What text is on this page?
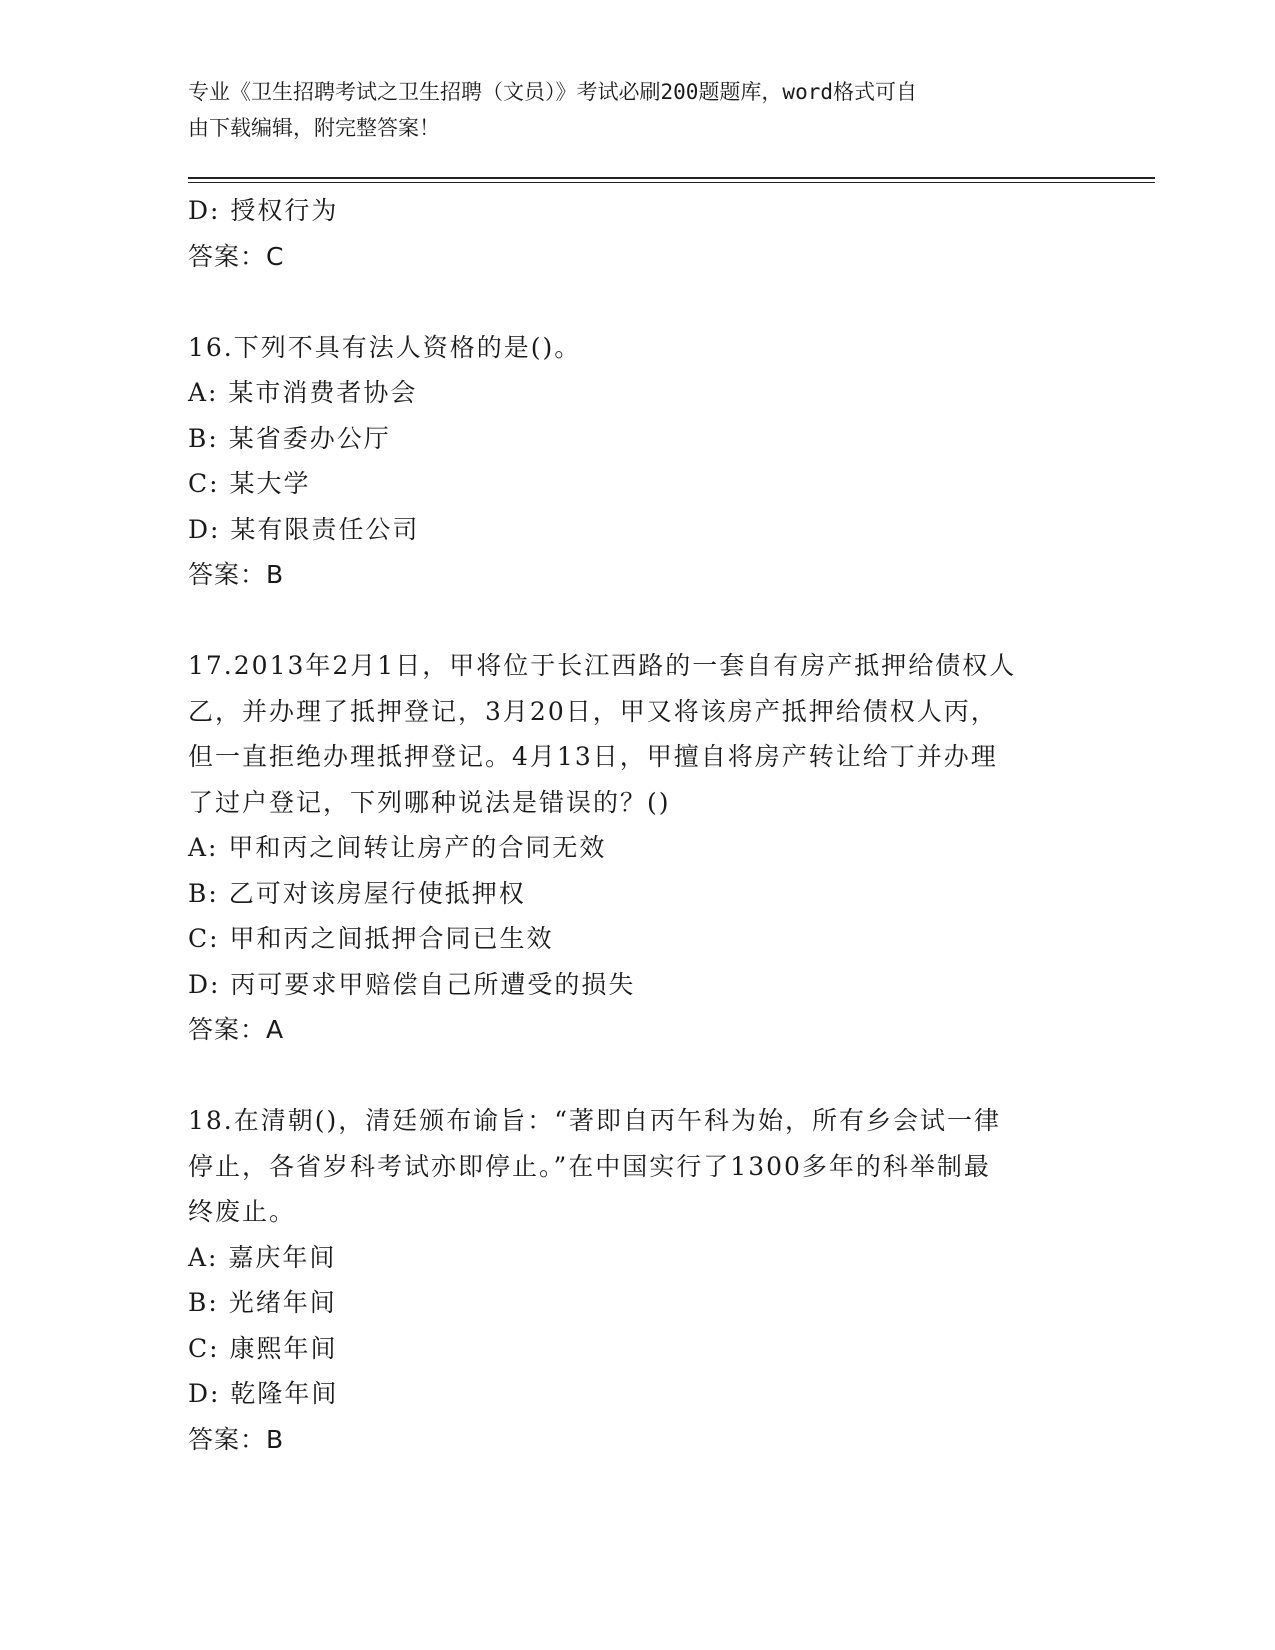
专业《卫生招聘考试之卫生招聘（文员）》考试必刷200题题库，word格式可自
由下载编辑，附完整答案！
D: 授权行为
答案：C
16.下列不具有法人资格的是()。
A: 某市消费者协会
B: 某省委办公厅
C: 某大学
D: 某有限责任公司
答案：B
17.2013年2月1日，甲将位于长江西路的一套自有房产抵押给债权人
乙，并办理了抵押登记，3月20日，甲又将该房产抵押给债权人丙，
但一直拒绝办理抵押登记。4月13日，甲擅自将房产转让给丁并办理
了过户登记，下列哪种说法是错误的？()
A: 甲和丙之间转让房产的合同无效
B: 乙可对该房屋行使抵押权
C: 甲和丙之间抵押合同已生效
D: 丙可要求甲赔偿自己所遭受的损失
答案：A
18.在清朝()，清廷颁布谕旨：“著即自丙午科为始，所有乡会试一律
停止，各省岁科考试亦即停止。”在中国实行了1300多年的科举制最
终废止。
A: 嘉庆年间
B: 光绪年间
C: 康熙年间
D: 乾隆年间
答案：B
